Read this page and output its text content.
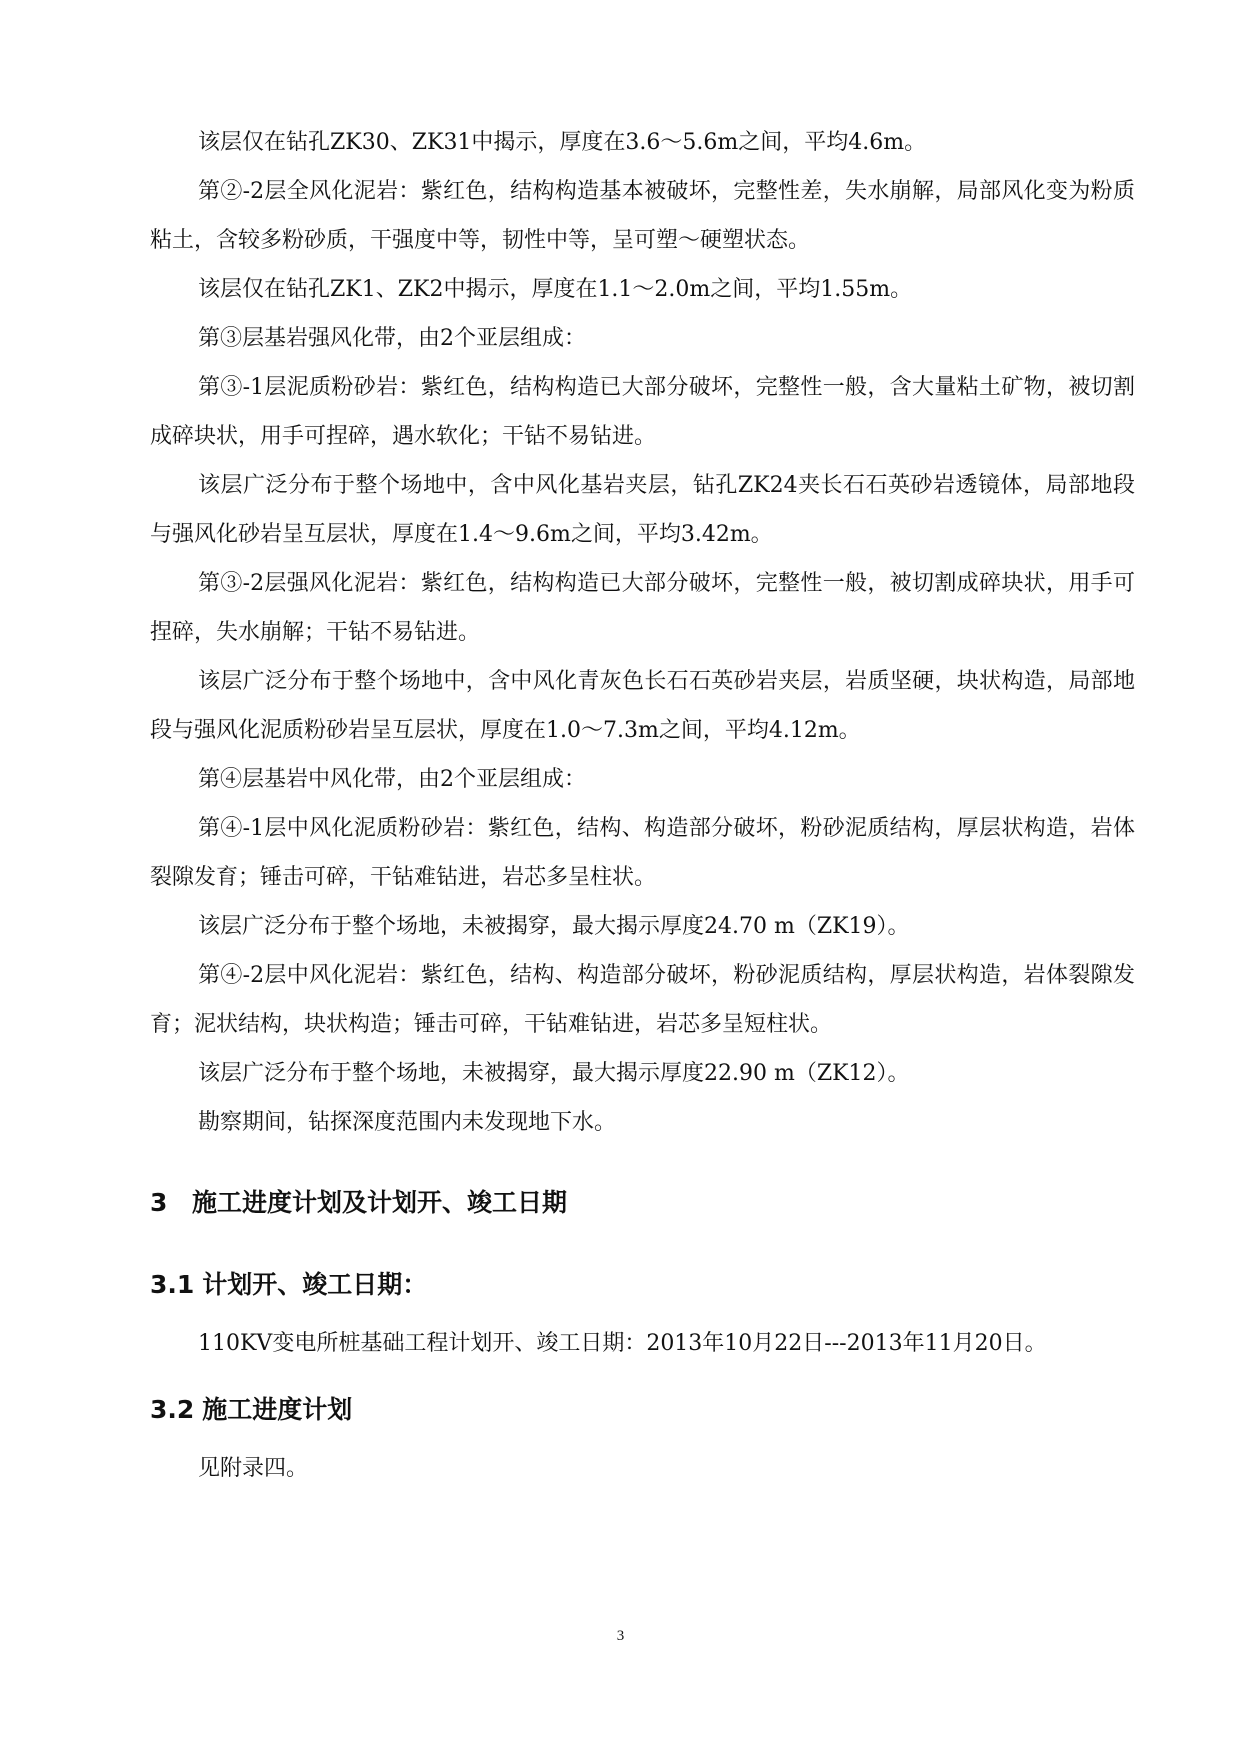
该层仅在钻孔ZK30、ZK31中揭示，厚度在3.6～5.6m之间，平均4.6m。

第②-2层全风化泥岩：紫红色，结构构造基本被破坏，完整性差，失水崩解，局部风化变为粉质粘土，含较多粉砂质，干强度中等，韧性中等，呈可塑～硬塑状态。

该层仅在钻孔ZK1、ZK2中揭示，厚度在1.1～2.0m之间，平均1.55m。

第③层基岩强风化带，由2个亚层组成：

第③-1层泥质粉砂岩：紫红色，结构构造已大部分破坏，完整性一般，含大量粘土矿物，被切割成碎块状，用手可捏碎，遇水软化；干钻不易钻进。

该层广泛分布于整个场地中，含中风化基岩夹层，钻孔ZK24夹长石石英砂岩透镜体，局部地段与强风化砂岩呈互层状，厚度在1.4～9.6m之间，平均3.42m。

第③-2层强风化泥岩：紫红色，结构构造已大部分破坏，完整性一般，被切割成碎块状，用手可捏碎，失水崩解；干钻不易钻进。

该层广泛分布于整个场地中，含中风化青灰色长石石英砂岩夹层，岩质坚硬，块状构造，局部地段与强风化泥质粉砂岩呈互层状，厚度在1.0～7.3m之间，平均4.12m。

第④层基岩中风化带，由2个亚层组成：

第④-1层中风化泥质粉砂岩：紫红色，结构、构造部分破坏，粉砂泥质结构，厚层状构造，岩体裂隙发育；锤击可碎，干钻难钻进，岩芯多呈柱状。

该层广泛分布于整个场地，未被揭穿，最大揭示厚度24.70 m（ZK19）。

第④-2层中风化泥岩：紫红色，结构、构造部分破坏，粉砂泥质结构，厚层状构造，岩体裂隙发育；泥状结构，块状构造；锤击可碎，干钻难钻进，岩芯多呈短柱状。

该层广泛分布于整个场地，未被揭穿，最大揭示厚度22.90 m（ZK12）。

勘察期间，钻探深度范围内未发现地下水。

3 施工进度计划及计划开、竣工日期
3.1 计划开、竣工日期：

110KV变电所桩基础工程计划开、竣工日期：2013年10月22日---2013年11月20日。

3.2 施工进度计划

见附录四。

3
